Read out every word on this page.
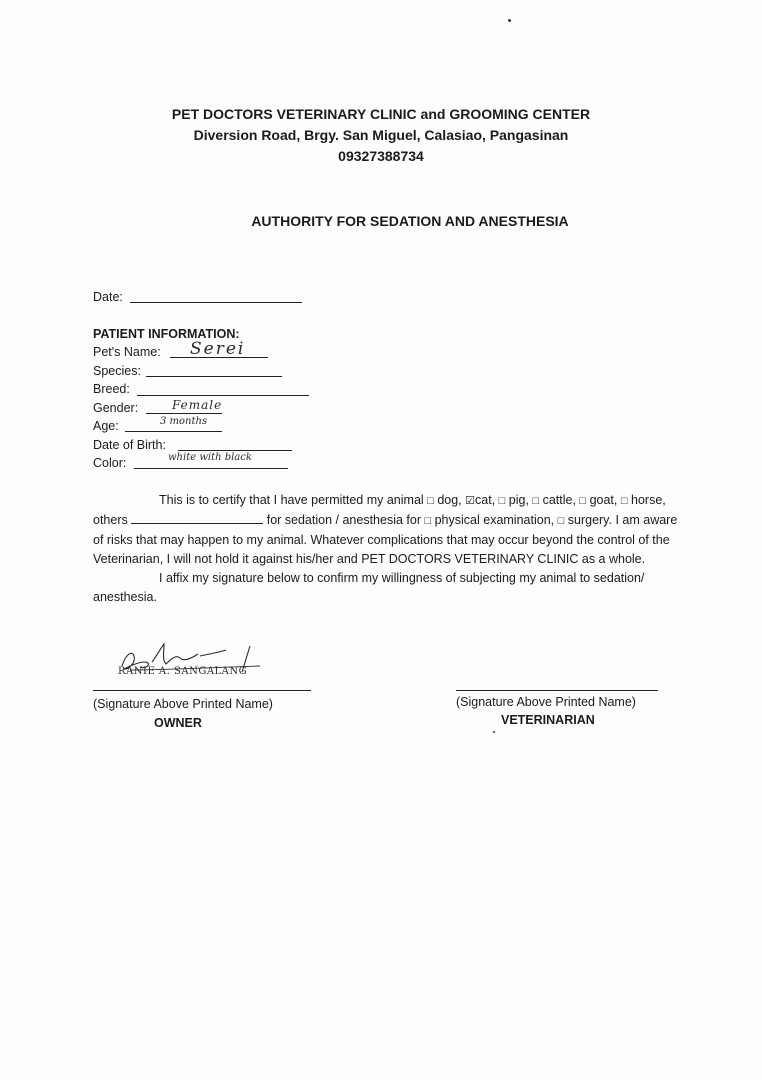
PET DOCTORS VETERINARY CLINIC and GROOMING CENTER
Diversion Road, Brgy. San Miguel, Calasiao, Pangasinan
09327388734
AUTHORITY FOR SEDATION AND ANESTHESIA
Date:
PATIENT INFORMATION:
Pet's Name: Serei
Species:
Breed:
Gender:	Female
Age:	3 months
Date of Birth:
Color:	white with black

This is to certify that I have permitted my animal □ dog, ☑cat, □ pig, □ cattle, □ goat, □ horse, others	for sedation / anesthesia for □ physical examination, □ surgery. I am aware of risks that may happen to my animal. Whatever complications that may occur beyond the control of the Veterinarian, I will not hold it against his/her and PET DOCTORS VETERINARY CLINIC as a whole.

I affix my signature below to confirm my willingness of subjecting my animal to sedation/ anesthesia.

RANIE A. SANGALANG
(Signature Above Printed Name)
OWNER
(Signature Above Printed Name)
VETERINARIAN
